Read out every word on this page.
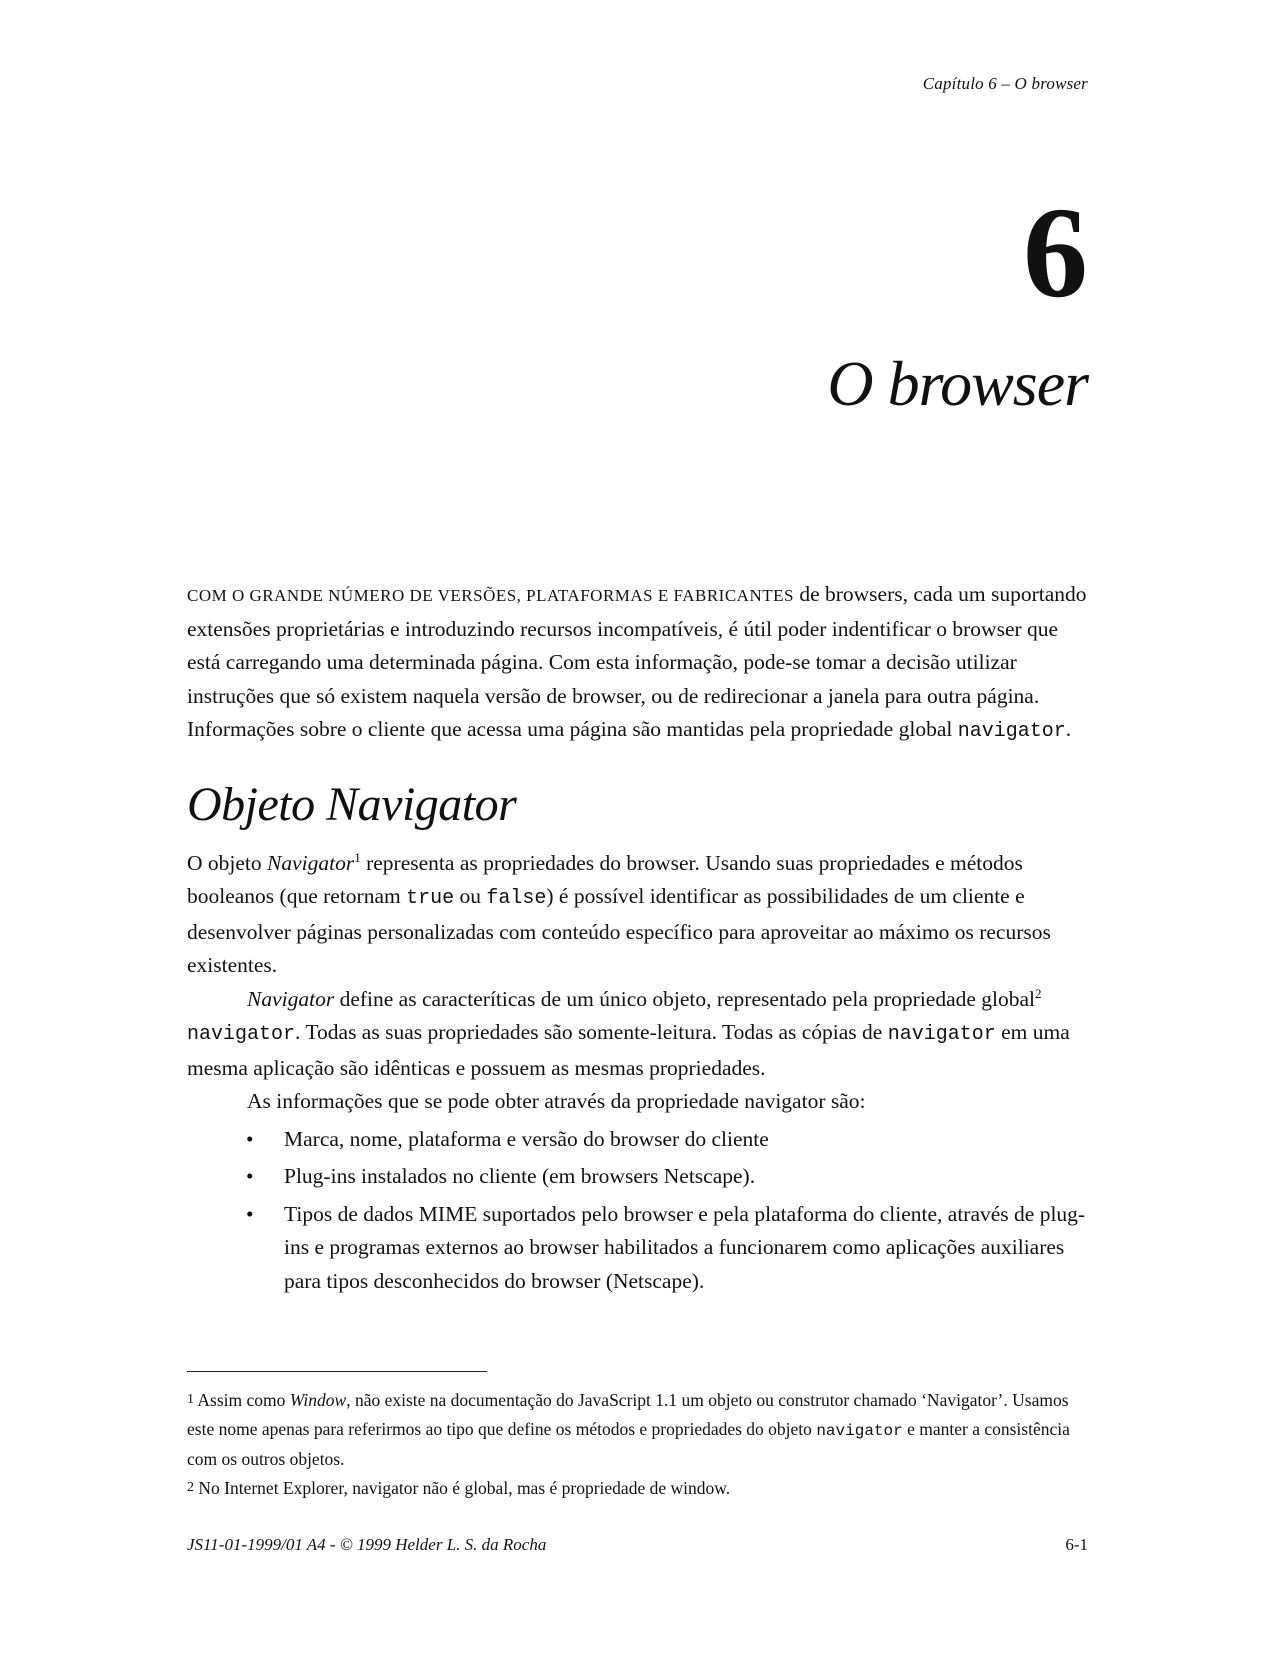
Capítulo 6 – O browser
6
O browser

COM O GRANDE NÚMERO DE VERSÕES, PLATAFORMAS E FABRICANTES de browsers, cada um suportando extensões proprietárias e introduzindo recursos incompatíveis, é útil poder indentificar o browser que está carregando uma determinada página. Com esta informação, pode-se tomar a decisão utilizar instruções que só existem naquela versão de browser, ou de redirecionar a janela para outra página. Informações sobre o cliente que acessa uma página são mantidas pela propriedade global navigator.

Objeto Navigator

O objeto Navigator$^1$ representa as propriedades do browser. Usando suas propriedades e métodos booleanos (que retornam true ou false) é possível identificar as possibilidades de um cliente e desenvolver páginas personalizadas com conteúdo específico para aproveitar ao máximo os recursos existentes.

Navigator define as caracteríticas de um único objeto, representado pela propriedade global$^2$ navigator. Todas as suas propriedades são somente-leitura. Todas as cópias de navigator em uma mesma aplicação são idênticas e possuem as mesmas propriedades.

As informações que se pode obter através da propriedade navigator são:

• Marca, nome, plataforma e versão do browser do cliente
• Plug-ins instalados no cliente (em browsers Netscape).
• Tipos de dados MIME suportados pelo browser e pela plataforma do cliente, através de plug-ins e programas externos ao browser habilitados a funcionarem como aplicações auxiliares para tipos desconhecidos do browser (Netscape).

1 Assim como Window, não existe na documentação do JavaScript 1.1 um objeto ou construtor chamado ‘Navigator’. Usamos este nome apenas para referirmos ao tipo que define os métodos e propriedades do objeto navigator e manter a consistência com os outros objetos.

2 No Internet Explorer, navigator não é global, mas é propriedade de window.

JS11-01-1999/01 A4 - © 1999 Helder L. S. da Rocha	6-1
